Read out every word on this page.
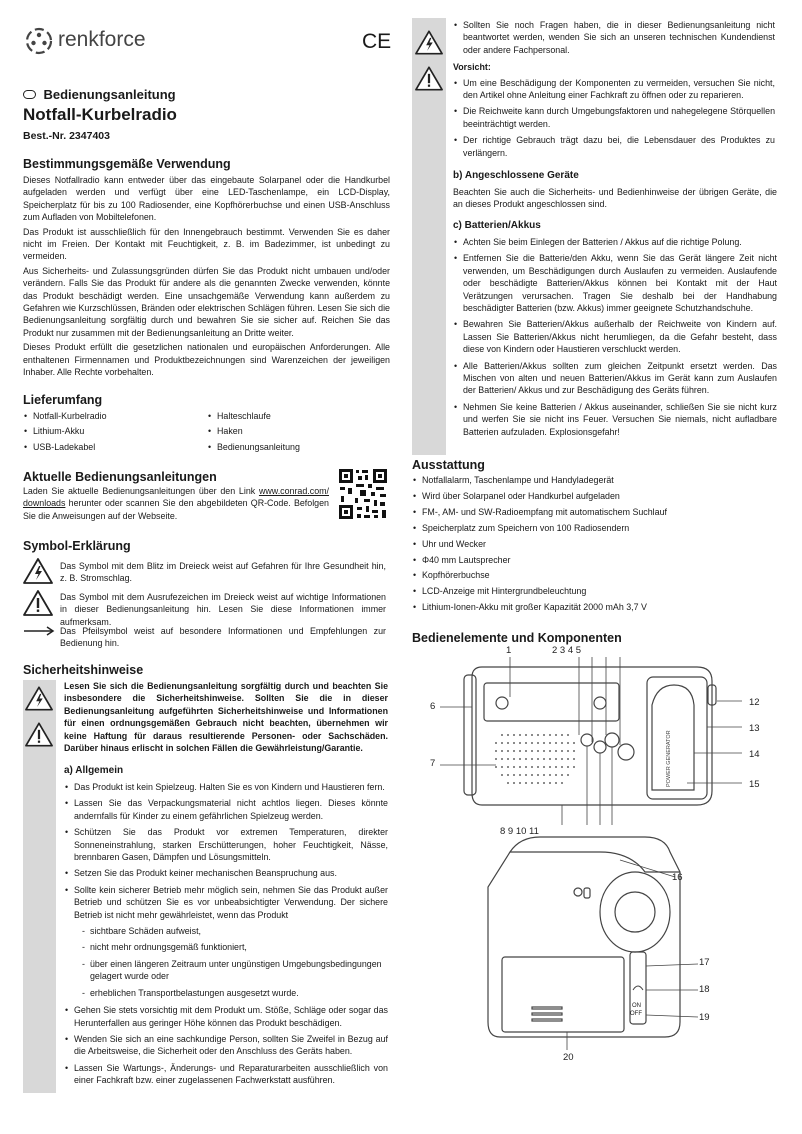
renkforce	CE
Bedienungsanleitung
Notfall-Kurbelradio
Best.-Nr. 2347403
Bestimmungsgemäße Verwendung

Dieses Notfallradio kann entweder über das eingebaute Solarpanel oder die Handkurbel aufgeladen werden und verfügt über eine LED-Taschenlampe, ein LCD-Display, Speicherplatz für bis zu 100 Radiosender, eine Kopfhörerbuchse und einen USB-Anschluss zum Aufladen von Mobiltelefonen.

Das Produkt ist ausschließlich für den Innengebrauch bestimmt. Verwenden Sie es daher nicht im Freien. Der Kontakt mit Feuchtigkeit, z. B. im Badezimmer, ist unbedingt zu vermeiden.

Aus Sicherheits- und Zulassungsgründen dürfen Sie das Produkt nicht umbauen und/oder verändern. Falls Sie das Produkt für andere als die genannten Zwecke verwenden, könnte das Produkt beschädigt werden. Eine unsachgemäße Verwendung kann außerdem zu Gefahren wie Kurzschlüssen, Bränden oder elektrischen Schlägen führen. Lesen Sie sich die Bedienungsanleitung sorgfältig durch und bewahren Sie sie sicher auf. Reichen Sie das Produkt nur zusammen mit der Bedienungsanleitung an Dritte weiter.

Dieses Produkt erfüllt die gesetzlichen nationalen und europäischen Anforderungen. Alle enthaltenen Firmennamen und Produktbezeichnungen sind Warenzeichen der jeweiligen Inhaber. Alle Rechte vorbehalten.

Lieferumfang
• Notfall-Kurbelradio
• Lithium-Akku
• USB-Ladekabel
• Halteschlaufe
• Haken
• Bedienungsanleitung
Aktuelle Bedienungsanleitungen

Laden Sie aktuelle Bedienungsanleitungen über den Link www.conrad.com/ downloads herunter oder scannen Sie den abgebildeten QR-Code. Befolgen Sie die Anweisungen auf der Webseite.

Symbol-Erklärung

Das Symbol mit dem Blitz im Dreieck weist auf Gefahren für Ihre Gesundheit hin, z. B. Stromschlag.

Das Symbol mit dem Ausrufezeichen im Dreieck weist auf wichtige Informationen in dieser Bedienungsanleitung hin. Lesen Sie diese Informationen immer aufmerksam.

Das Pfeilsymbol weist auf besondere Informationen und Empfehlungen zur Bedienung hin.

Sicherheitshinweise

Lesen Sie sich die Bedienungsanleitung sorgfältig durch und beachten Sie insbesondere die Sicherheitshinweise. Sollten Sie die in dieser Bedienungsanleitung aufgeführten Sicherheitshinweise und Informationen für einen ordnungsgemäßen Gebrauch nicht beachten, übernehmen wir keine Haftung für daraus resultierende Personen- oder Sachschäden. Darüber hinaus erlischt in solchen Fällen die Gewährleistung/Garantie.

a) Allgemein
• Das Produkt ist kein Spielzeug. Halten Sie es von Kindern und Haustieren fern.
• Lassen Sie das Verpackungsmaterial nicht achtlos liegen. Dieses könnte andernfalls für Kinder zu einem gefährlichen Spielzeug werden.
• Schützen Sie das Produkt vor extremen Temperaturen, direkter Sonneneinstrahlung, starken Erschütterungen, hoher Feuchtigkeit, Nässe, brennbaren Gasen, Dämpfen und Lösungsmitteln.
• Setzen Sie das Produkt keiner mechanischen Beanspruchung aus.
• Sollte kein sicherer Betrieb mehr möglich sein, nehmen Sie das Produkt außer Betrieb und schützen Sie es vor unbeabsichtigter Verwendung. Der sichere Betrieb ist nicht mehr gewährleistet, wenn das Produkt
- sichtbare Schäden aufweist,
- nicht mehr ordnungsgemäß funktioniert,
- über einen längeren Zeitraum unter ungünstigen Umgebungsbedingungen gelagert wurde oder
- erheblichen Transportbelastungen ausgesetzt wurde.
• Gehen Sie stets vorsichtig mit dem Produkt um. Stöße, Schläge oder sogar das Herunterfallen aus geringer Höhe können das Produkt beschädigen.
• Wenden Sie sich an eine sachkundige Person, sollten Sie Zweifel in Bezug auf die Arbeitsweise, die Sicherheit oder den Anschluss des Geräts haben.
• Lassen Sie Wartungs-, Änderungs- und Reparaturarbeiten ausschließlich von einer Fachkraft bzw. einer zugelassenen Fachwerkstatt ausführen.
• Sollten Sie noch Fragen haben, die in dieser Bedienungsanleitung nicht beantwortet werden, wenden Sie sich an unseren technischen Kundendienst oder andere Fachpersonal.
Vorsicht:
• Um eine Beschädigung der Komponenten zu vermeiden, versuchen Sie nicht, den Artikel ohne Anleitung einer Fachkraft zu öffnen oder zu reparieren.
• Die Reichweite kann durch Umgebungsfaktoren und nahegelegene Störquellen beeinträchtigt werden.
• Der richtige Gebrauch trägt dazu bei, die Lebensdauer des Produktes zu verlängern.
b) Angeschlossene Geräte

Beachten Sie auch die Sicherheits- und Bedienhinweise der übrigen Geräte, die an dieses Produkt angeschlossen sind.

c) Batterien/Akkus
• Achten Sie beim Einlegen der Batterien / Akkus auf die richtige Polung.
• Entfernen Sie die Batterie/den Akku, wenn Sie das Gerät längere Zeit nicht verwenden, um Beschädigungen durch Auslaufen zu vermeiden. Auslaufende oder beschädigte Batterien/Akkus können bei Kontakt mit der Haut Verätzungen verursachen. Tragen Sie deshalb bei der Handhabung beschädigter Batterien (bzw. Akkus) immer geeignete Schutzhandschuhe.
• Bewahren Sie Batterien/Akkus außerhalb der Reichweite von Kindern auf. Lassen Sie Batterien/Akkus nicht herumliegen, da die Gefahr besteht, dass diese von Kindern oder Haustieren verschluckt werden.
• Alle Batterien/Akkus sollten zum gleichen Zeitpunkt ersetzt werden. Das Mischen von alten und neuen Batterien/Akkus im Gerät kann zum Auslaufen der Batterien/ Akkus und zur Beschädigung des Geräts führen.
• Nehmen Sie keine Batterien / Akkus auseinander, schließen Sie sie nicht kurz und werfen Sie sie nicht ins Feuer. Versuchen Sie niemals, nicht aufladbare Batterien aufzuladen. Explosionsgefahr!
Ausstattung
• Notfallalarm, Taschenlampe und Handyladegerät
• Wird über Solarpanel oder Handkurbel aufgeladen
• FM-, AM- und SW-Radioempfang mit automatischem Suchlauf
• Speicherplatz zum Speichern von 100 Radiosendern
• Uhr und Wecker
• Φ40 mm Lautsprecher
• Kopfhörerbuchse
• LCD-Anzeige mit Hintergrundbeleuchtung
• Lithium-Ionen-Akku mit großer Kapazität 2000 mAh 3,7 V
Bedienelemente und Komponenten
POWER GENERATOR
1	2 3 4 5
6
7
8 9 10 11
12
13
14
15
16
17
18
19
20
ON
OFF
